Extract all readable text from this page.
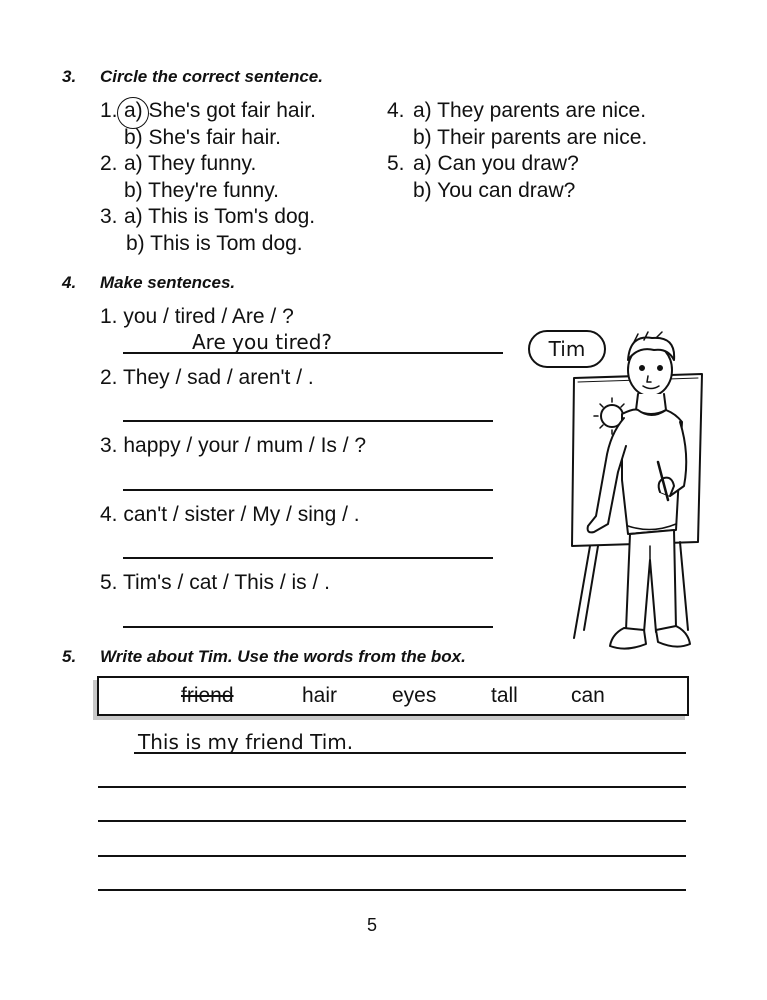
3. Circle the correct sentence.
1. a) She's got fair hair.
b) She's fair hair.
2. a) They funny.
b) They're funny.
3. a) This is Tom's dog.
b) This is Tom dog.
4. a) They parents are nice.
b) Their parents are nice.
5. a) Can you draw?
b) You can draw?
4. Make sentences.
1. you / tired / Are / ?
Are you tired?
2. They / sad / aren't / .
3. happy / your / mum / Is / ?
4. can't / sister / My / sing / .
5. Tim's / cat / This / is / .
Tim
5. Write about Tim. Use the words from the box.
friend	hair	eyes	tall	can
This is my friend Tim.
5
